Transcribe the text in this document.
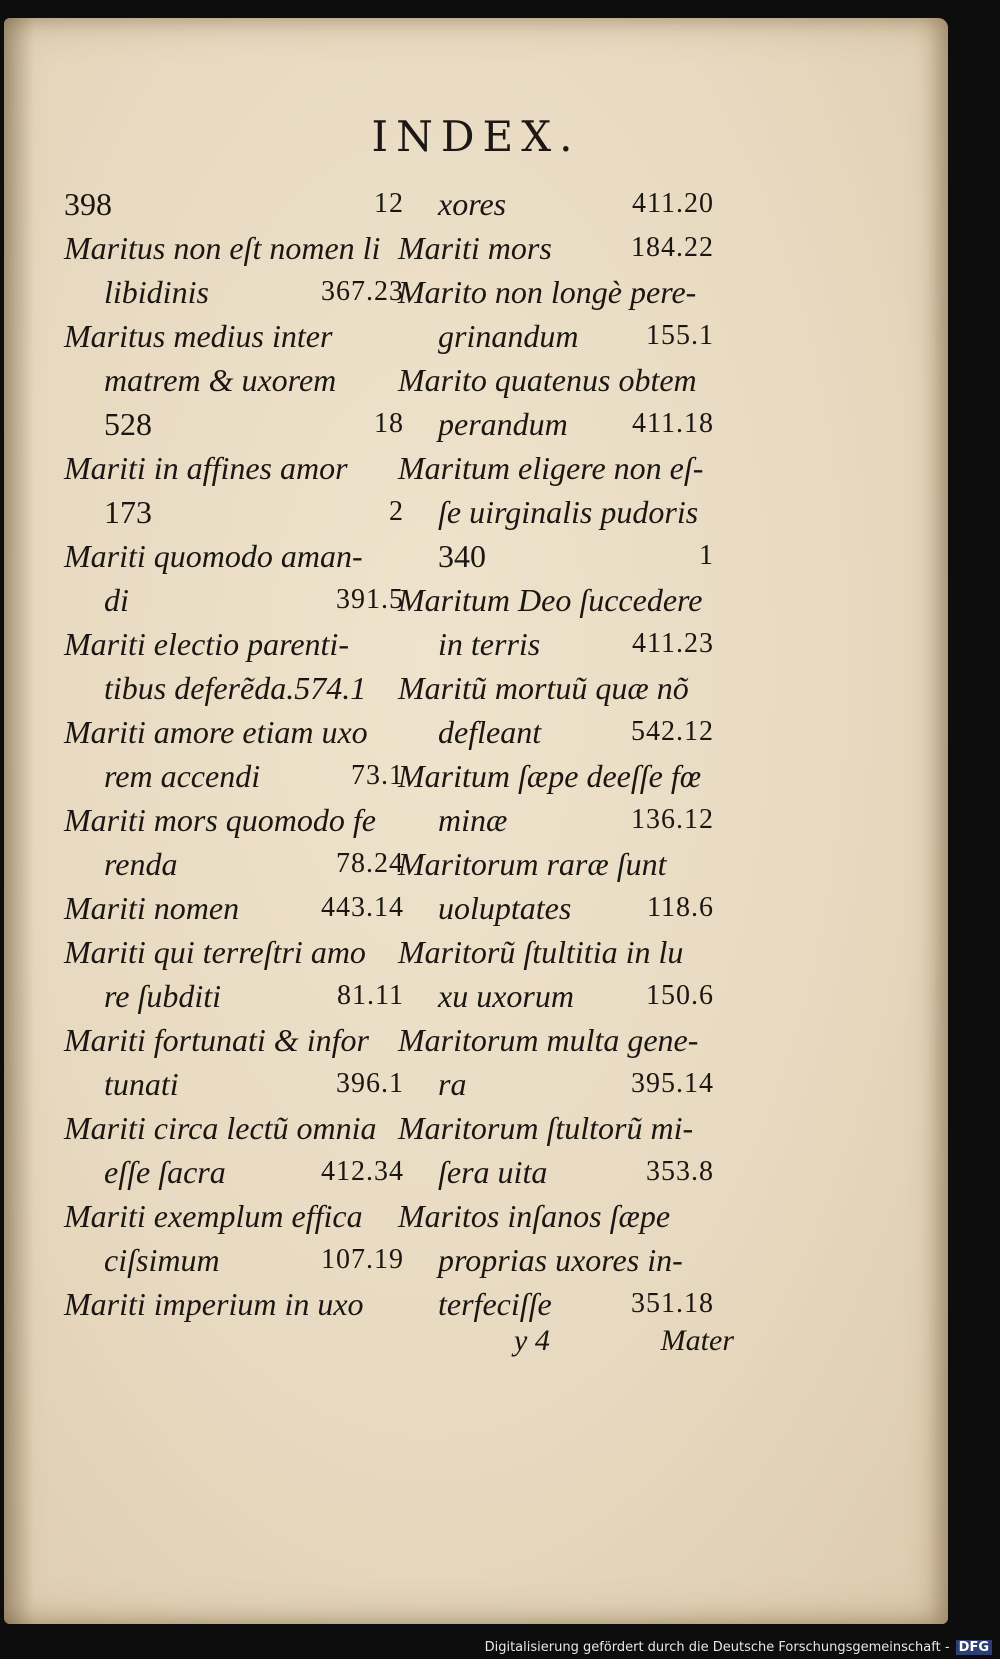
INDEX.
398	12
Maritus non eſt nomen li
libidinis	367.23
Maritus medius inter
matrem & uxorem
528	18
Mariti in affines amor
173	2
Mariti quomodo aman-
di	391.5
Mariti electio parenti-
tibus deferẽda.574.1
Mariti amore etiam uxo
rem accendi	73.1
Mariti mors quomodo fe
renda	78.24
Mariti nomen	443.14
Mariti qui terreſtri amo
re ſubditi	81.11
Mariti fortunati & infor
tunati	396.1
Mariti circa lectũ omnia
eſſe ſacra	412.34
Mariti exemplum effica
ciſsimum	107.19
Mariti imperium in uxo
xores	411.20
Mariti mors	184.22
Marito non longè pere-
grinandum 155.1
Marito quatenus obtem
perandum 411.18
Maritum eligere non eſ-
ſe uirginalis pudoris
340	1
Maritum Deo ſuccedere
in terris	411.23
Maritũ mortuũ quæ nõ
defleant	542.12
Maritum ſæpe deeſſe fœ
minæ	136.12
Maritorum raræ ſunt
uoluptates	118.6
Maritorũ ſtultitia in lu
xu uxorum	150.6
Maritorum multa gene-
ra	395.14
Maritorum ſtultorũ mi-
ſera uita	353.8
Maritos inſanos ſæpe
proprias uxores in-
terfeciſſe	351.18
y 4	Mater
Digitalisierung gefördert durch die Deutsche Forschungsgemeinschaft - DFG
